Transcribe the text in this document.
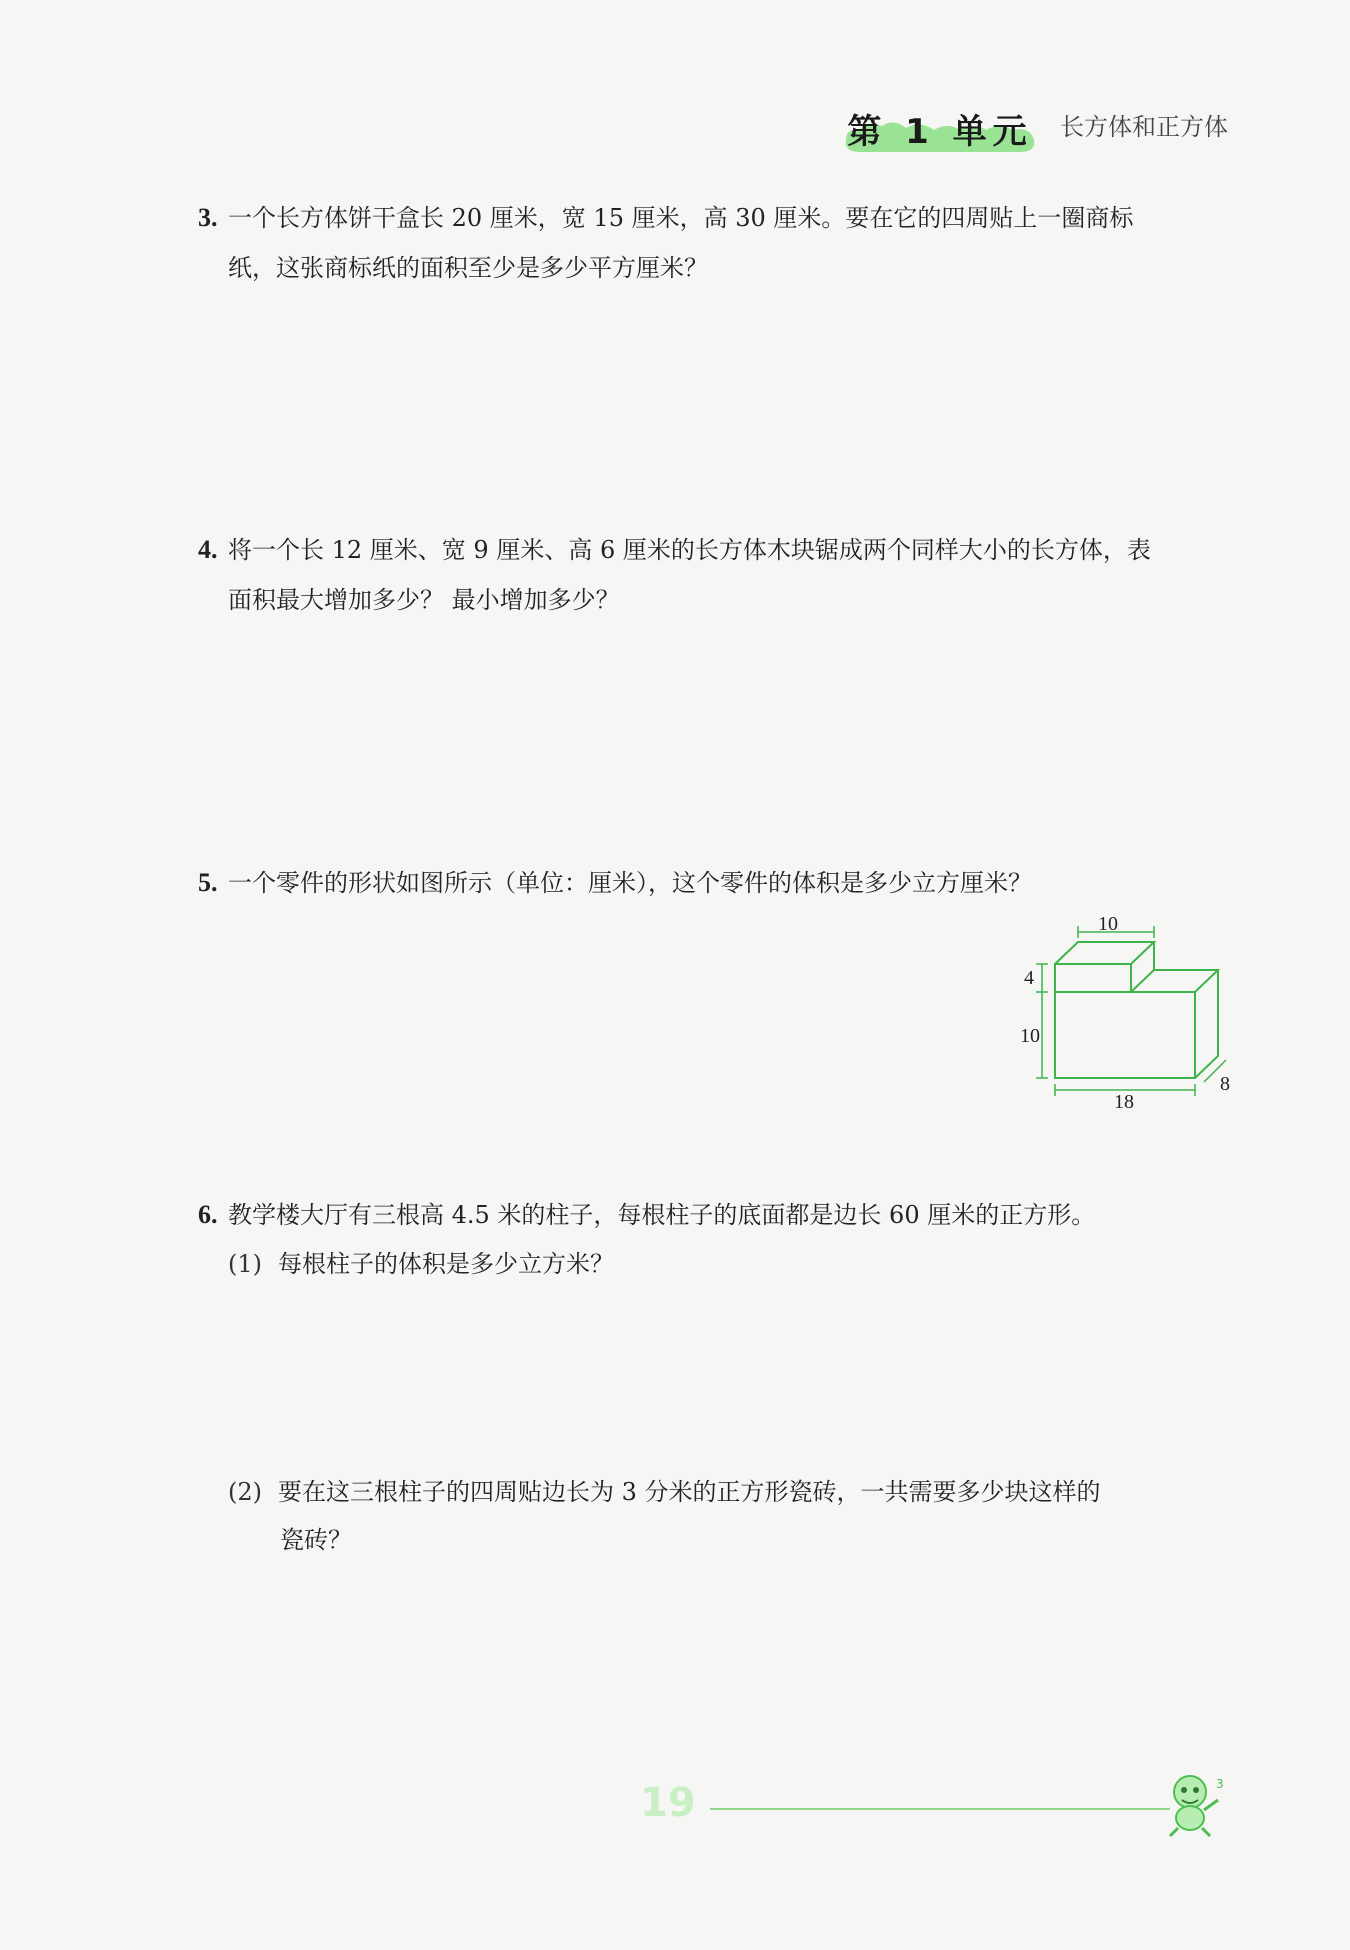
第 1 单元	长方体和正方体
3. 一个长方体饼干盒长 20 厘米，宽 15 厘米，高 30 厘米。要在它的四周贴上一圈商标
纸，这张商标纸的面积至少是多少平方厘米？
4. 将一个长 12 厘米、宽 9 厘米、高 6 厘米的长方体木块锯成两个同样大小的长方体，表
面积最大增加多少？ 最小增加多少？
5. 一个零件的形状如图所示（单位：厘米），这个零件的体积是多少立方厘米？
10
4
10
18
8
6. 教学楼大厅有三根高 4.5 米的柱子，每根柱子的底面都是边长 60 厘米的正方形。
(1) 每根柱子的体积是多少立方米？
(2) 要在这三根柱子的四周贴边长为 3 分米的正方形瓷砖，一共需要多少块这样的
瓷砖？
19	3
